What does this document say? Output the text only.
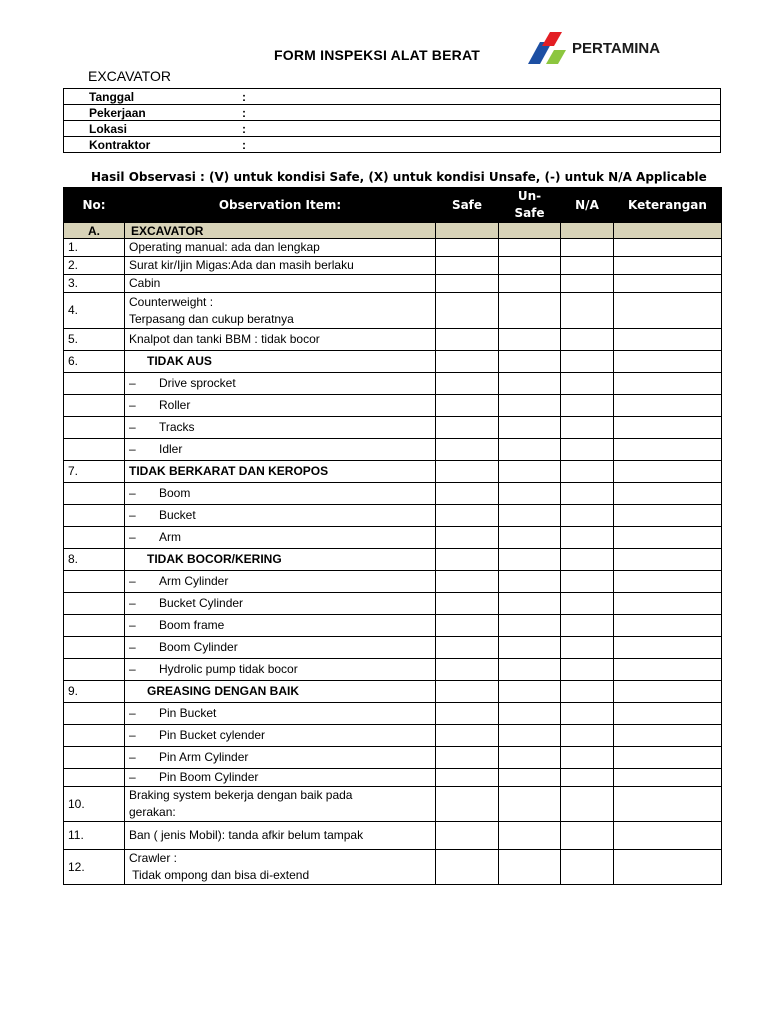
FORM INSPEKSI ALAT BERAT	PERTAMINA
EXCAVATOR
Tanggal	:

Pekerjaan	:

Lokasi	:

Kontraktor	:
Hasil Observasi : (V) untuk kondisi Safe, (X) untuk kondisi Unsafe, (-) untuk N/A Applicable
No:	Observation Item:	Safe	Un-Safe	N/A	Keterangan
A.	EXCAVATOR				
1.	Operating manual: ada dan lengkap				
2.	Surat kir/Ijin Migas:Ada dan masih berlaku				
3.	Cabin				
4.	Counterweight :
Terpasang dan cukup beratnya				
5.	Knalpot dan tanki BBM : tidak bocor				
6.	TIDAK AUS				
	– Drive sprocket				
	– Roller				
	– Tracks				
	– Idler				
7.	TIDAK BERKARAT DAN KEROPOS				
	– Boom				
	– Bucket				
	– Arm				
8.	TIDAK BOCOR/KERING				
	– Arm Cylinder				
	– Bucket Cylinder				
	– Boom frame				
	– Boom Cylinder				
	– Hydrolic pump tidak bocor				
9.	GREASING DENGAN BAIK				
	– Pin Bucket				
	– Pin Bucket cylender				
	– Pin Arm Cylinder				
	– Pin Boom Cylinder				
10.	Braking system bekerja dengan baik pada
gerakan:				
11.	Ban ( jenis Mobil): tanda afkir belum tampak				
12.	Crawler :
Tidak ompong dan bisa di-extend				
